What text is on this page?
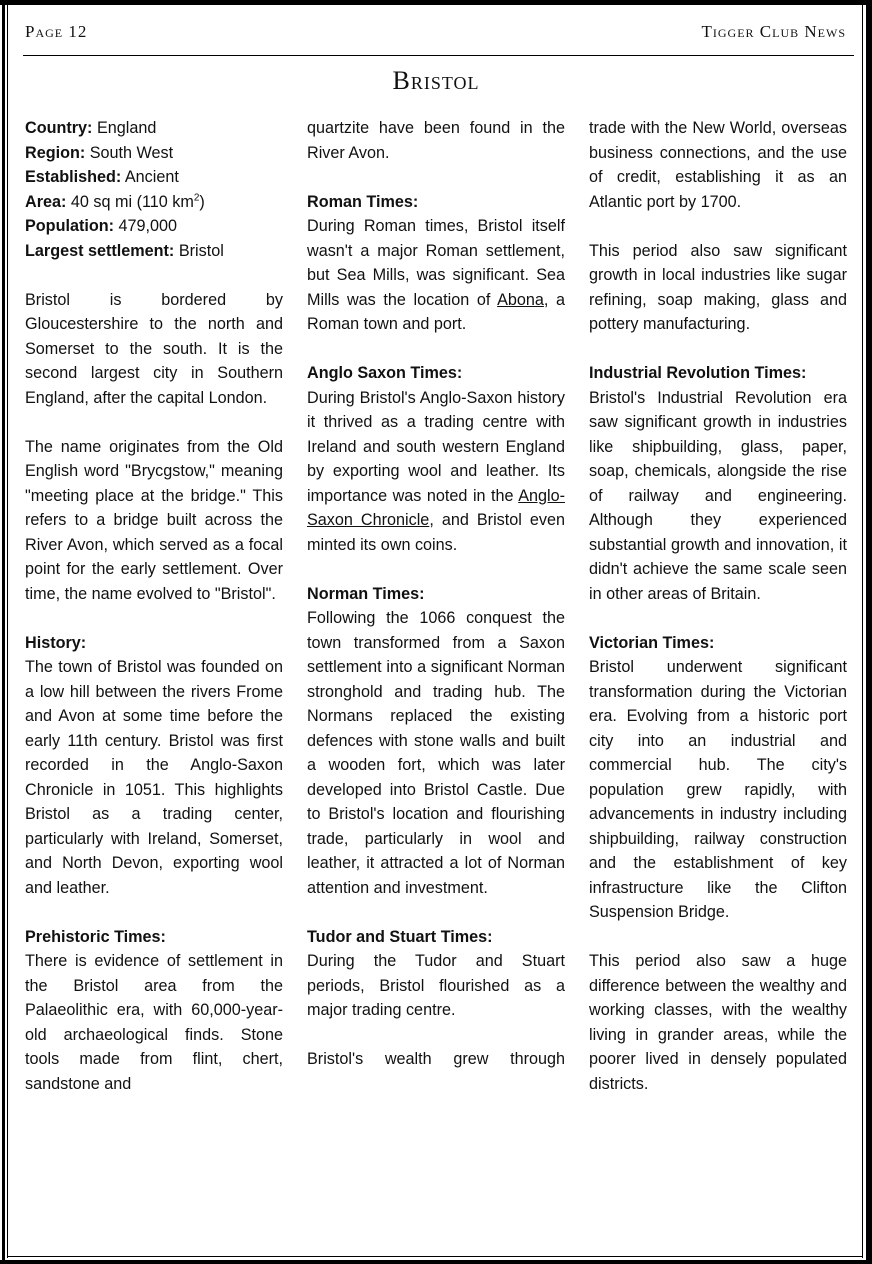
Page 12	Tigger Club News
Bristol

Country: England

Region: South West

Established: Ancient

Area: 40 sq mi (110 $km^2$)

Population: 479,000

Largest settlement: Bristol

Bristol is bordered by Gloucestershire to the north and Somerset to the south. It is the second largest city in Southern England, after the capital London.

The name originates from the Old English word "Brycgstow," meaning "meeting place at the bridge." This refers to a bridge built across the River Avon, which served as a focal point for the early settlement. Over time, the name evolved to "Bristol".

History:

The town of Bristol was founded on a low hill between the rivers Frome and Avon at some time before the early 11th century. Bristol was first recorded in the Anglo-Saxon Chronicle in 1051. This highlights Bristol as a trading center, particularly with Ireland, Somerset, and North Devon, exporting wool and leather.

Prehistoric Times:

There is evidence of settlement in the Bristol area from the Palaeolithic era, with 60,000-year-old archaeological finds. Stone tools made from flint, chert, sandstone and

quartzite have been found in the River Avon.

Roman Times:

During Roman times, Bristol itself wasn't a major Roman settlement, but Sea Mills, was significant. Sea Mills was the location of Abona, a Roman town and port.

Anglo Saxon Times:

During Bristol's Anglo-Saxon history it thrived as a trading centre with Ireland and south western England by exporting wool and leather. Its importance was noted in the Anglo-Saxon Chronicle, and Bristol even minted its own coins.

Norman Times:

Following the 1066 conquest the town transformed from a Saxon settlement into a significant Norman stronghold and trading hub. The Normans replaced the existing defences with stone walls and built a wooden fort, which was later developed into Bristol Castle. Due to Bristol's location and flourishing trade, particularly in wool and leather, it attracted a lot of Norman attention and investment.

Tudor and Stuart Times:

During the Tudor and Stuart periods, Bristol flourished as a major trading centre.

Bristol's wealth grew through

trade with the New World, overseas business connections, and the use of credit, establishing it as an Atlantic port by 1700.

This period also saw significant growth in local industries like sugar refining, soap making, glass and pottery manufacturing.

Industrial Revolution Times:

Bristol's Industrial Revolution era saw significant growth in industries like shipbuilding, glass, paper, soap, chemicals, alongside the rise of railway and engineering. Although they experienced substantial growth and innovation, it didn't achieve the same scale seen in other areas of Britain.

Victorian Times:

Bristol underwent significant transformation during the Victorian era. Evolving from a historic port city into an industrial and commercial hub. The city's population grew rapidly, with advancements in industry including shipbuilding, railway construction and the establishment of key infrastructure like the Clifton Suspension Bridge.

This period also saw a huge difference between the wealthy and working classes, with the wealthy living in grander areas, while the poorer lived in densely populated districts.
